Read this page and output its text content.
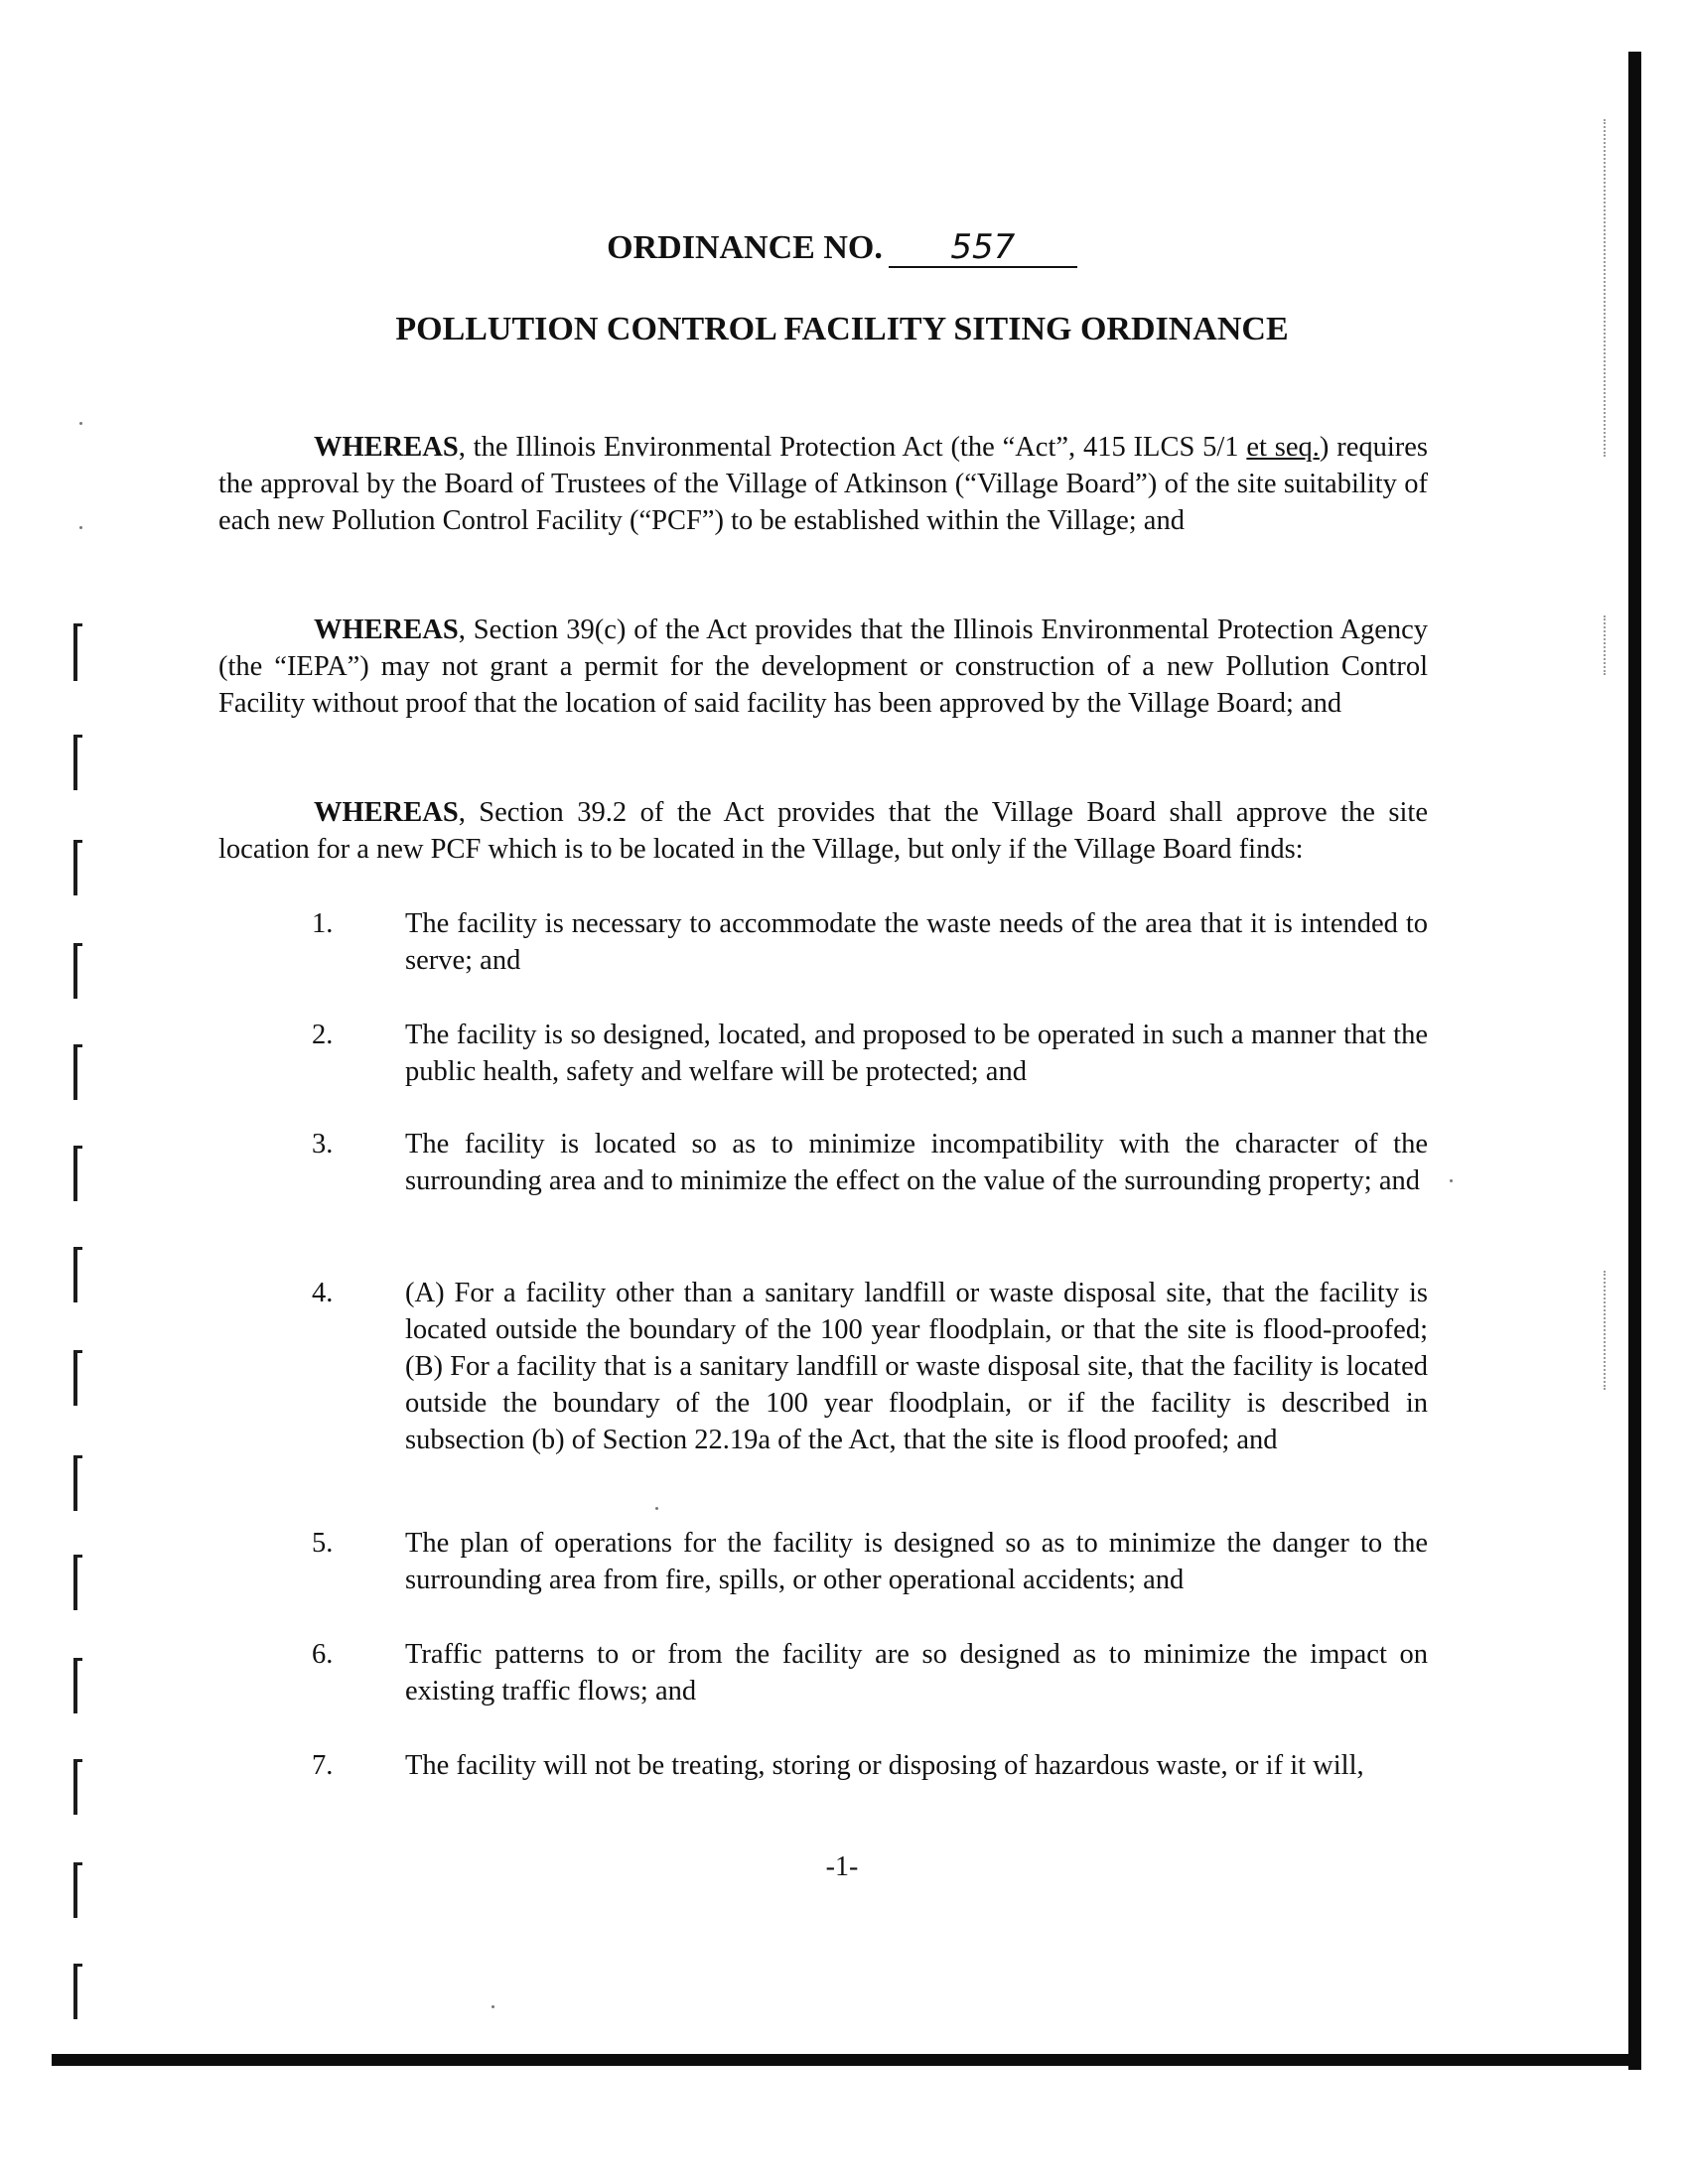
ORDINANCE NO. 557
POLLUTION CONTROL FACILITY SITING ORDINANCE

WHEREAS, the Illinois Environmental Protection Act (the “Act”, 415 ILCS 5/1 et seq.) requires the approval by the Board of Trustees of the Village of Atkinson (“Village Board”) of the site suitability of each new Pollution Control Facility (“PCF”) to be established within the Village; and

WHEREAS, Section 39(c) of the Act provides that the Illinois Environmental Protection Agency (the “IEPA”) may not grant a permit for the development or construction of a new Pollution Control Facility without proof that the location of said facility has been approved by the Village Board; and

WHEREAS, Section 39.2 of the Act provides that the Village Board shall approve the site location for a new PCF which is to be located in the Village, but only if the Village Board finds:

1.	The facility is necessary to accommodate the waste needs of the area that it is intended to serve; and
2.	The facility is so designed, located, and proposed to be operated in such a manner that the public health, safety and welfare will be protected; and
3.	The facility is located so as to minimize incompatibility with the character of the surrounding area and to minimize the effect on the value of the surrounding property; and
4.	(A) For a facility other than a sanitary landfill or waste disposal site, that the facility is located outside the boundary of the 100 year floodplain, or that the site is flood-proofed; (B) For a facility that is a sanitary landfill or waste disposal site, that the facility is located outside the boundary of the 100 year floodplain, or if the facility is described in subsection (b) of Section 22.19a of the Act, that the site is flood proofed; and
5.	The plan of operations for the facility is designed so as to minimize the danger to the surrounding area from fire, spills, or other operational accidents; and
6.	Traffic patterns to or from the facility are so designed as to minimize the impact on existing traffic flows; and
7.	The facility will not be treating, storing or disposing of hazardous waste, or if it will,
-1-
